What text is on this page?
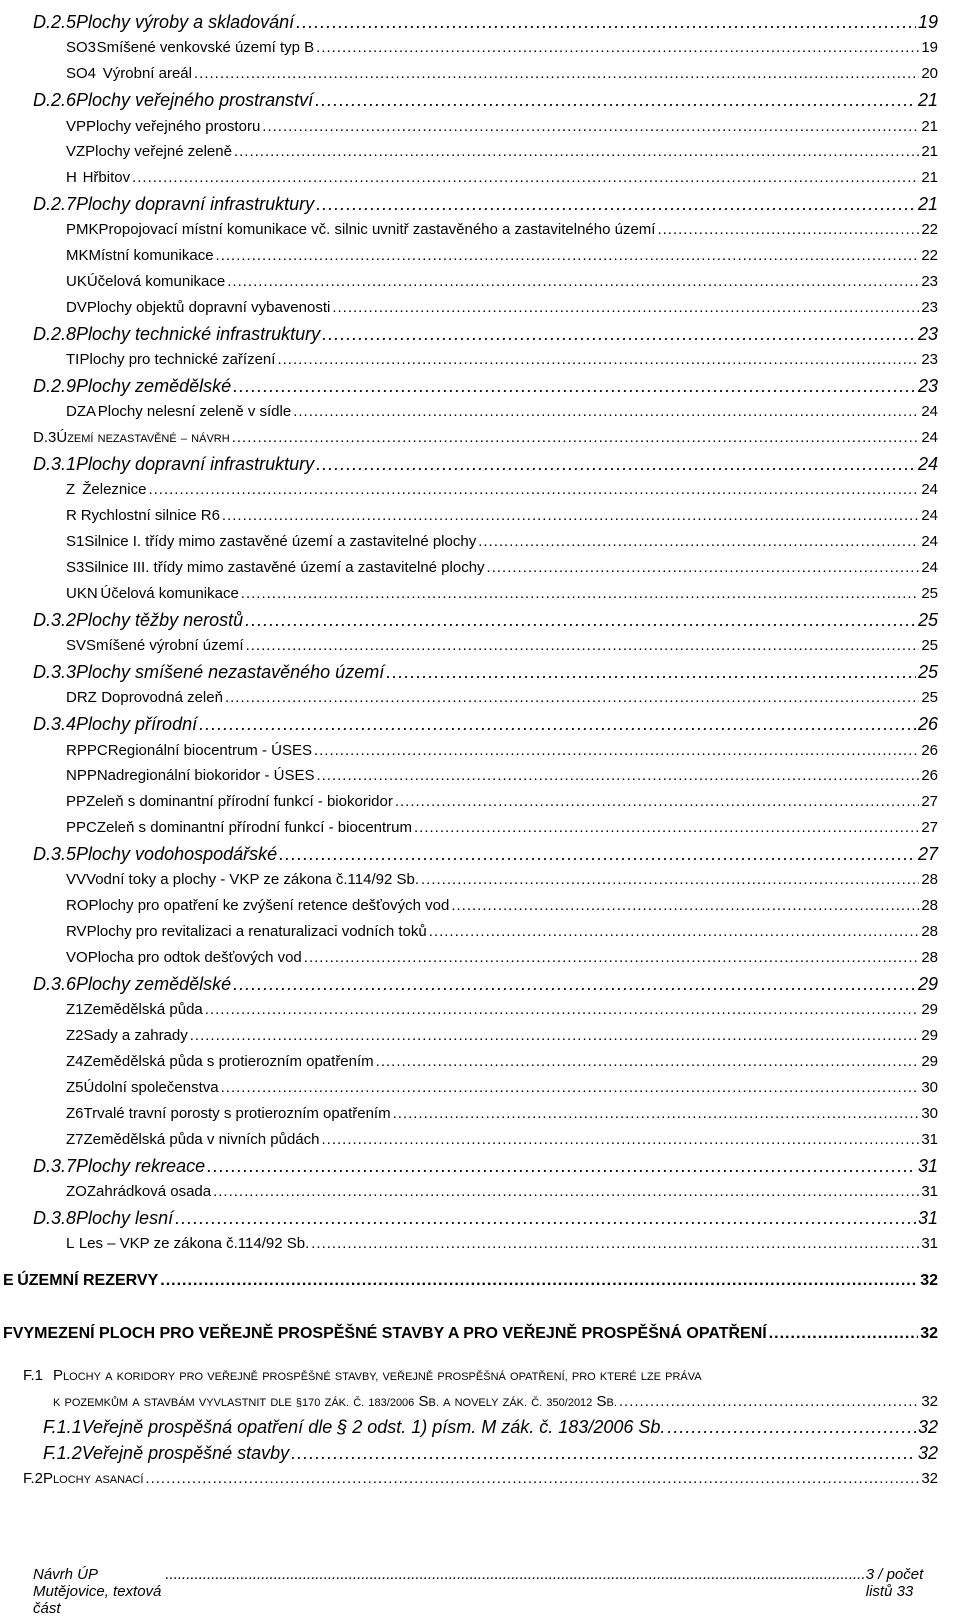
D.2.5 Plochy výroby a skladování .....	19
SO3 Smíšené venkovské území typ B .....	19
SO4 Výrobní areál .....	20
D.2.6 Plochy veřejného prostranství .....	21
VP Plochy veřejného prostoru .....	21
VZ Plochy veřejné zeleně .....	21
H Hřbitov .....	21
D.2.7 Plochy dopravní infrastruktury .....	21
PMK Propojovací místní komunikace vč. silnic uvnitř zastavěného a zastavitelného území .....	22
MK Místní komunikace .....	22
UK Účelová komunikace .....	23
DV Plochy objektů dopravní vybavenosti .....	23
D.2.8 Plochy technické infrastruktury .....	23
TI Plochy pro technické zařízení .....	23
D.2.9 Plochy zemědělské .....	23
DZA Plochy nelesní zeleně v sídle .....	24
D.3 ÚZEMÍ NEZASTAVĚNÉ – NÁVRH .....	24
D.3.1 Plochy dopravní infrastruktury .....	24
Z Železnice .....	24
R Rychlostní silnice R6 .....	24
S1 Silnice I. třídy mimo zastavěné území a zastavitelné plochy .....	24
S3 Silnice III. třídy mimo zastavěné území a zastavitelné plochy .....	24
UKN Účelová komunikace .....	25
D.3.2 Plochy těžby nerostů .....	25
SV Smíšené výrobní území .....	25
D.3.3 Plochy smíšené nezastavěného území .....	25
DRZ Doprovodná zeleň .....	25
D.3.4 Plochy přírodní .....	26
RPPC Regionální biocentrum - ÚSES .....	26
NPP Nadregionální biokoridor - ÚSES .....	26
PP Zeleň s dominantní přírodní funkcí - biokoridor .....	27
PPC Zeleň s dominantní přírodní funkcí - biocentrum .....	27
D.3.5 Plochy vodohospodářské .....	27
VV Vodní toky a plochy - VKP ze zákona č.114/92 Sb. .....	28
RO Plochy pro opatření ke zvýšení retence dešťových vod .....	28
RV Plochy pro revitalizaci a renaturalizaci vodních toků .....	28
VO Plocha pro odtok dešťových vod .....	28
D.3.6 Plochy zemědělské .....	29
Z1 Zemědělská půda .....	29
Z2 Sady a zahrady .....	29
Z4 Zemědělská půda s protierozním opatřením .....	29
Z5 Údolní společenstva .....	30
Z6 Trvalé travní porosty s protierozním opatřením .....	30
Z7 Zemědělská půda v nivních půdách .....	31
D.3.7 Plochy rekreace .....	31
ZO Zahrádková osada .....	31
D.3.8 Plochy lesní .....	31
L Les – VKP ze zákona č.114/92 Sb. .....	31
E ÚZEMNÍ REZERVY .....	32
F VYMEZENÍ PLOCH PRO VEŘEJNĚ PROSPĚŠNÉ STAVBY A PRO VEŘEJNĚ PROSPĚŠNÁ OPATŘENÍ .....	32
F.1 PLOCHY A KORIDORY PRO VEŘEJNĚ PROSPĚŠNÉ STAVBY, VEŘEJNĚ PROSPĚŠNÁ OPATŘENÍ, PRO KTERÉ LZE PRÁVA
K POZEMKŮM A STAVBÁM VYVLASTNIT DLE §170 ZÁK. Č. 183/2006 SB. A NOVELY ZÁK. Č. 350/2012 SB. .....	32
F.1.1 Veřejně prospěšná opatření dle § 2 odst. 1) písm. M zák. č. 183/2006 Sb. .....	32
F.1.2 Veřejně prospěšné stavby .....	32
F.2 PLOCHY ASANACÍ .....	32
Návrh ÚP Mutějovice, textová část
.....
3 / počet listů 33
